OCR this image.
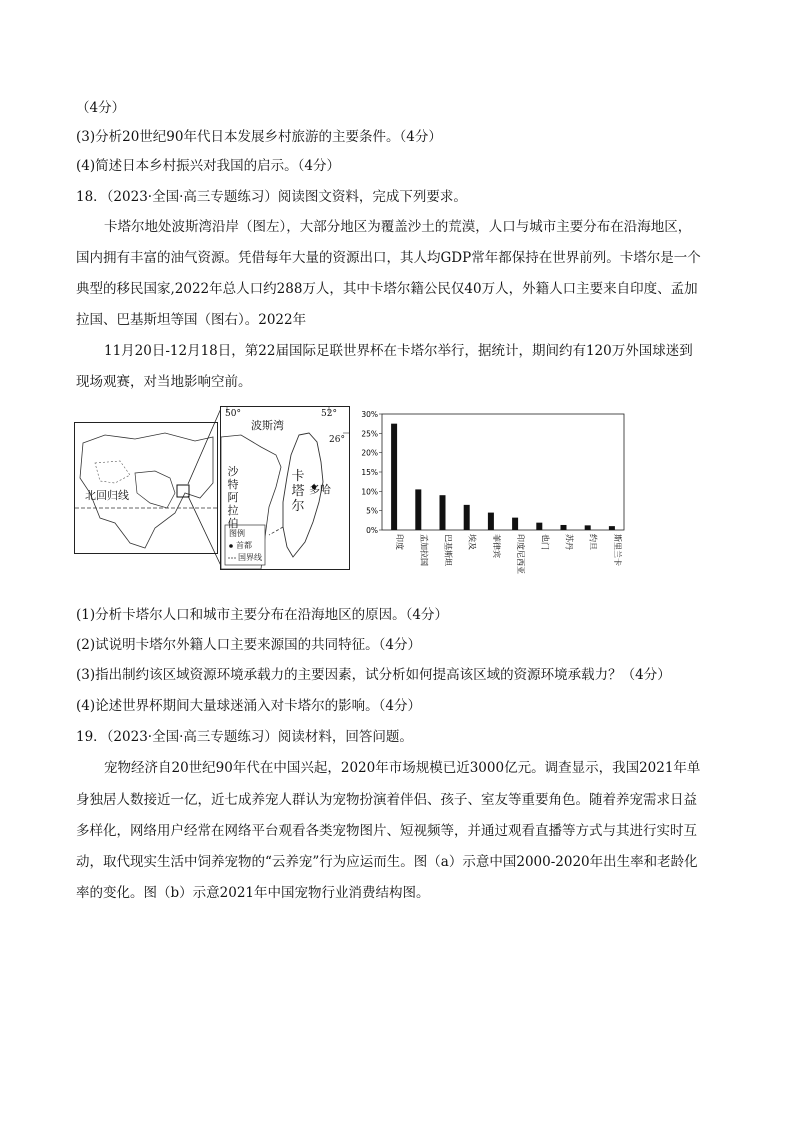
（4分）
(3)分析20世纪90年代日本发展乡村旅游的主要条件。（4分）
(4)简述日本乡村振兴对我国的启示。（4分）
18．（2023·全国·高三专题练习）阅读图文资料，完成下列要求。
卡塔尔地处波斯湾沿岸（图左），大部分地区为覆盖沙土的荒漠，人口与城市主要分布在沿海地区，
国内拥有丰富的油气资源。凭借每年大量的资源出口，其人均GDP常年都保持在世界前列。卡塔尔是一个
典型的移民国家,2022年总人口约288万人，其中卡塔尔籍公民仅40万人，外籍人口主要来自印度、孟加
拉国、巴基斯坦等国（图右）。2022年
11月20日-12月18日，第22届国际足联世界杯在卡塔尔举行，据统计，期间约有120万外国球迷到
现场观赛，对当地影响空前。
北回归线
50°	52°
26°
波斯湾
沙特阿拉伯
卡塔尔
多哈
图例
首都
国界线
0%
5%
10%
15%
20%
25%
30%
印度 孟加拉国 巴基斯坦 埃及 菲律宾 印度尼西亚 也门 苏丹 约旦 斯里兰卡
(1)分析卡塔尔人口和城市主要分布在沿海地区的原因。（4分）
(2)试说明卡塔尔外籍人口主要来源国的共同特征。（4分）
(3)指出制约该区域资源环境承载力的主要因素，试分析如何提高该区域的资源环境承载力？（4分）
(4)论述世界杯期间大量球迷涌入对卡塔尔的影响。（4分）
19．（2023·全国·高三专题练习）阅读材料，回答问题。
宠物经济自20世纪90年代在中国兴起，2020年市场规模已近3000亿元。调查显示，我国2021年单
身独居人数接近一亿，近七成养宠人群认为宠物扮演着伴侣、孩子、室友等重要角色。随着养宠需求日益
多样化，网络用户经常在网络平台观看各类宠物图片、短视频等，并通过观看直播等方式与其进行实时互
动，取代现实生活中饲养宠物的“云养宠”行为应运而生。图（a）示意中国2000-2020年出生率和老龄化
率的变化。图（b）示意2021年中国宠物行业消费结构图。
